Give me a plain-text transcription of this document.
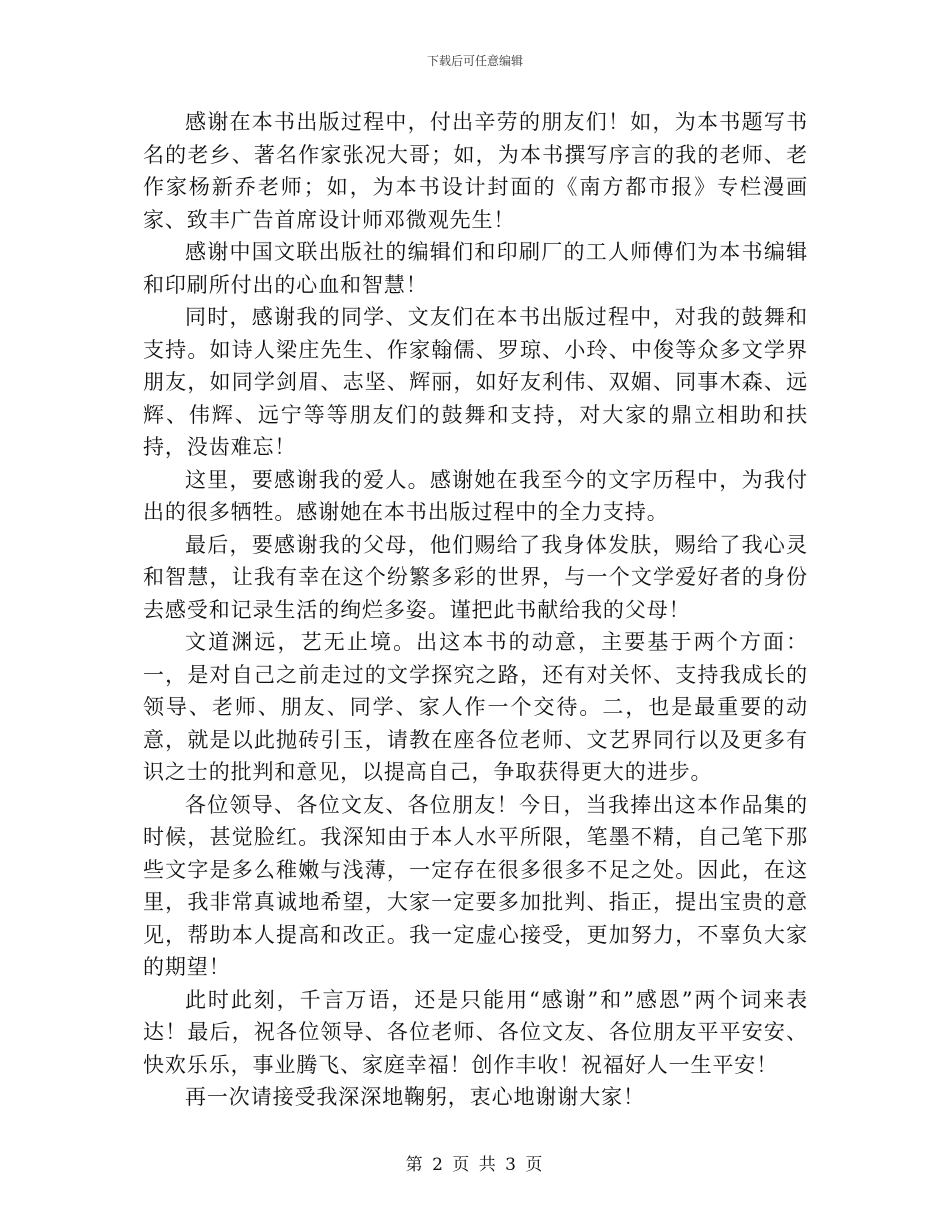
下载后可任意编辑

感谢在本书出版过程中，付出辛劳的朋友们！如，为本书题写书名的老乡、著名作家张况大哥；如，为本书撰写序言的我的老师、老作家杨新乔老师；如，为本书设计封面的《南方都市报》专栏漫画家、致丰广告首席设计师邓微观先生！

感谢中国文联出版社的编辑们和印刷厂的工人师傅们为本书编辑和印刷所付出的心血和智慧！

同时，感谢我的同学、文友们在本书出版过程中，对我的鼓舞和支持。如诗人梁庄先生、作家翰儒、罗琼、小玲、中俊等众多文学界朋友，如同学剑眉、志坚、辉丽，如好友利伟、双媚、同事木森、远辉、伟辉、远宁等等朋友们的鼓舞和支持，对大家的鼎立相助和扶持，没齿难忘！

这里，要感谢我的爱人。感谢她在我至今的文字历程中，为我付出的很多牺牲。感谢她在本书出版过程中的全力支持。

最后，要感谢我的父母，他们赐给了我身体发肤，赐给了我心灵和智慧，让我有幸在这个纷繁多彩的世界，与一个文学爱好者的身份去感受和记录生活的绚烂多姿。谨把此书献给我的父母！

文道渊远，艺无止境。出这本书的动意，主要基于两个方面：一，是对自己之前走过的文学探究之路，还有对关怀、支持我成长的领导、老师、朋友、同学、家人作一个交待。二，也是最重要的动意，就是以此抛砖引玉，请教在座各位老师、文艺界同行以及更多有识之士的批判和意见，以提高自己，争取获得更大的进步。

各位领导、各位文友、各位朋友！今日，当我捧出这本作品集的时候，甚觉脸红。我深知由于本人水平所限，笔墨不精，自己笔下那些文字是多么稚嫩与浅薄，一定存在很多很多不足之处。因此，在这里，我非常真诚地希望，大家一定要多加批判、指正，提出宝贵的意见，帮助本人提高和改正。我一定虚心接受，更加努力，不辜负大家的期望！

此时此刻，千言万语，还是只能用“感谢”和”感恩”两个词来表达！最后，祝各位领导、各位老师、各位文友、各位朋友平平安安、快欢乐乐，事业腾飞、家庭幸福！创作丰收！祝福好人一生平安！

再一次请接受我深深地鞠躬，衷心地谢谢大家！

第 2 页 共 3 页
